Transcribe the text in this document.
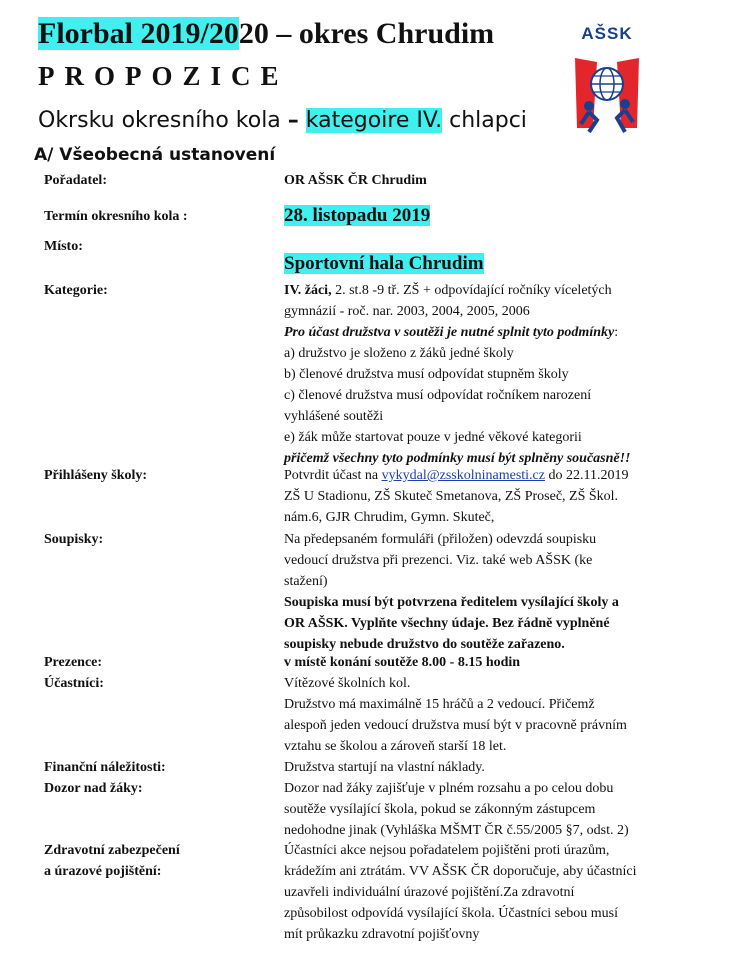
Florbal 2019/2020 – okres Chrudim
PROPOZICE
Okrsku okresního kola – kategoire IV. chlapci
A/ Všeobecná ustanovení
AŠSK
Pořadatel:	OR AŠSK ČR Chrudim
Termín okresního kola :	28. listopadu 2019
Místo:
Sportovní hala Chrudim
Kategorie:	IV. žáci, 2. st.8 -9 tř. ZŠ + odpovídající ročníky víceletých

gymnázií - roč. nar. 2003, 2004, 2005, 2006

Pro účast družstva v soutěži je nutné splnit tyto podmínky:

a) družstvo je složeno z žáků jedné školy

b) členové družstva musí odpovídat stupněm školy

c) členové družstva musí odpovídat ročníkem narození

vyhlášené soutěži

e) žák může startovat pouze v jedné věkové kategorii

přičemž všechny tyto podmínky musí být splněny současně!!

Přihlášeny školy:	Potvrdit účast na vykydal@zsskolninamesti.cz do 22.11.2019

ZŠ U Stadionu, ZŠ Skuteč Smetanova, ZŠ Proseč, ZŠ Škol.

nám.6, GJR Chrudim, Gymn. Skuteč,

Soupisky:	Na předepsaném formuláři (přiložen) odevzdá soupisku

vedoucí družstva při prezenci. Viz. také web AŠSK (ke

stažení)

Soupiska musí být potvrzena ředitelem vysílající školy a

OR AŠSK. Vyplňte všechny údaje. Bez řádně vyplněné

soupisky nebude družstvo do soutěže zařazeno.

Prezence:	v místě konání soutěže 8.00 - 8.15 hodin
Účastníci:	Vítězové školních kol.

Družstvo má maximálně 15 hráčů a 2 vedoucí. Přičemž

alespoň jeden vedoucí družstva musí být v pracovně právním

vztahu se školou a zároveň starší 18 let.

Finanční náležitosti:	Družstva startují na vlastní náklady.
Dozor nad žáky:	Dozor nad žáky zajišťuje v plném rozsahu a po celou dobu

soutěže vysílající škola, pokud se zákonným zástupcem

nedohodne jinak (Vyhláška MŠMT ČR č.55/2005 §7, odst. 2)

Zdravotní zabezpečení

a úrazové pojištění:

Účastníci akce nejsou pořadatelem pojištěni proti úrazům,

krádežím ani ztrátám. VV AŠSK ČR doporučuje, aby účastníci

uzavřeli individuální úrazové pojištění.Za zdravotní

způsobilost odpovídá vysílající škola. Účastníci sebou musí

mít průkazku zdravotní pojišťovny
